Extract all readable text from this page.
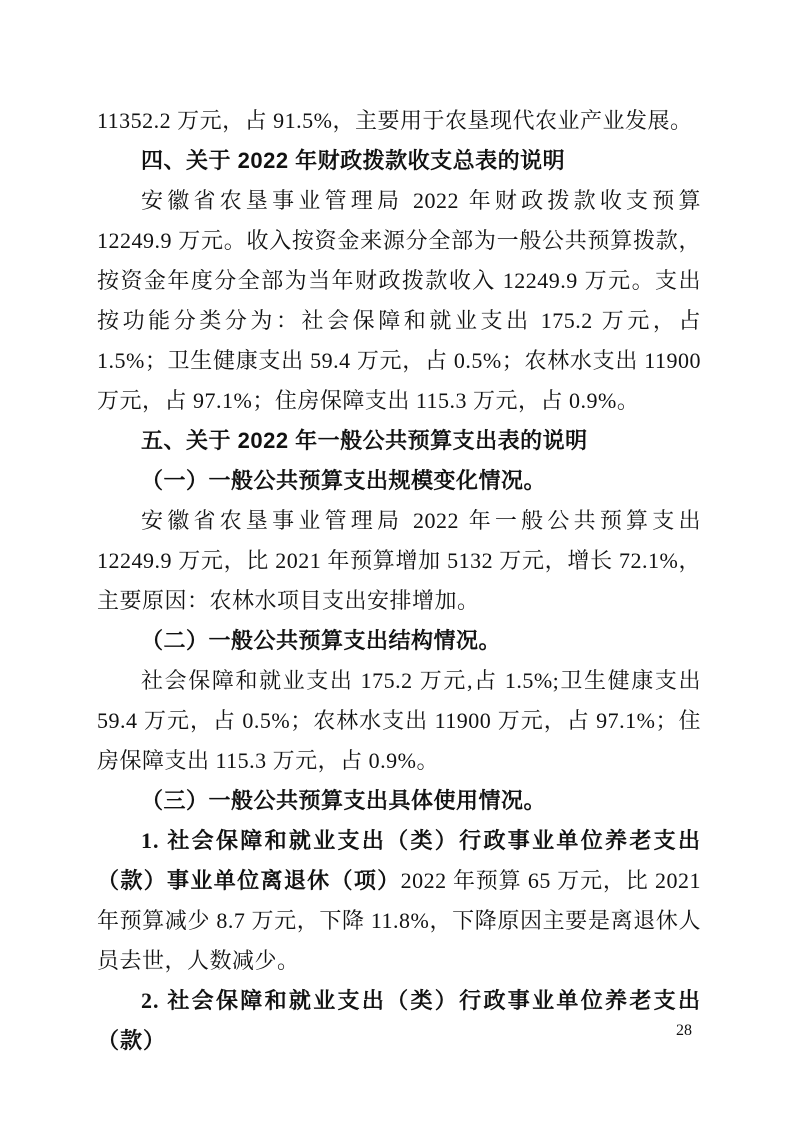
11352.2 万元，占 91.5%，主要用于农垦现代农业产业发展。

四、关于 2022 年财政拨款收支总表的说明

安徽省农垦事业管理局 2022 年财政拨款收支预算 12249.9 万元。收入按资金来源分全部为一般公共预算拨款，按资金年度分全部为当年财政拨款收入 12249.9 万元。支出按功能分类分为：社会保障和就业支出 175.2 万元，占 1.5%；卫生健康支出 59.4 万元，占 0.5%；农林水支出 11900 万元，占 97.1%；住房保障支出 115.3 万元，占 0.9%。

五、关于 2022 年一般公共预算支出表的说明

（一）一般公共预算支出规模变化情况。

安徽省农垦事业管理局 2022 年一般公共预算支出 12249.9 万元，比 2021 年预算增加 5132 万元，增长 72.1%，主要原因：农林水项目支出安排增加。

（二）一般公共预算支出结构情况。

社会保障和就业支出 175.2 万元,占 1.5%;卫生健康支出 59.4 万元，占 0.5%；农林水支出 11900 万元，占 97.1%；住房保障支出 115.3 万元，占 0.9%。

（三）一般公共预算支出具体使用情况。

1. 社会保障和就业支出（类）行政事业单位养老支出（款）事业单位离退休（项）2022 年预算 65 万元，比 2021 年预算减少 8.7 万元，下降 11.8%，下降原因主要是离退休人员去世，人数减少。

2. 社会保障和就业支出（类）行政事业单位养老支出（款）	28
